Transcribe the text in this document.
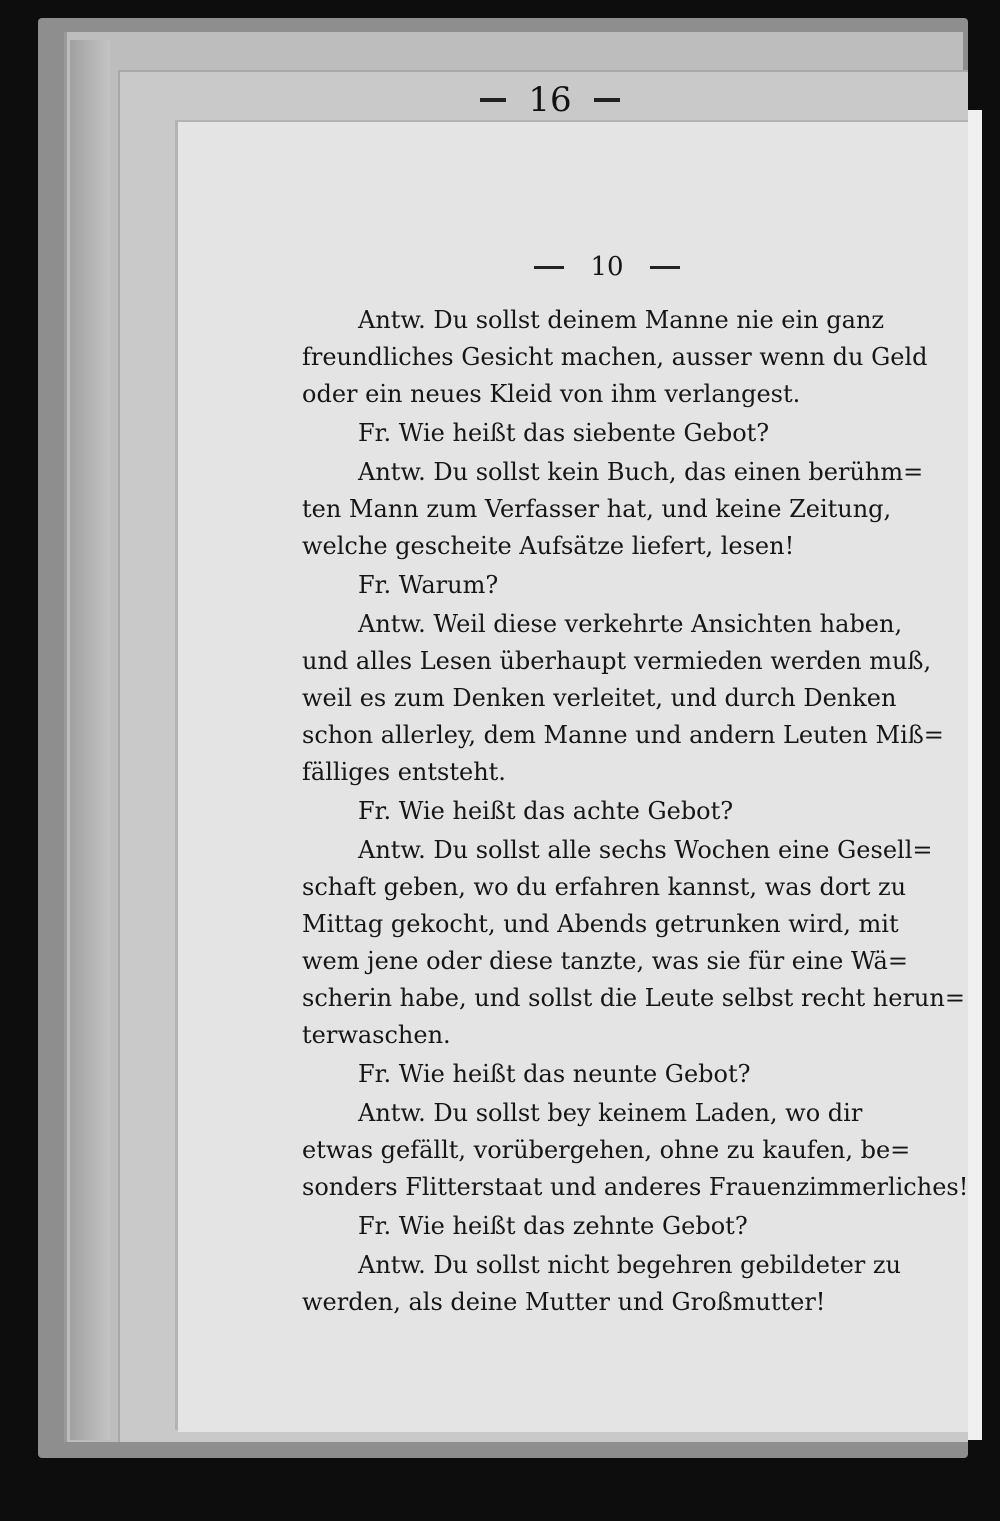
16
10
Antw. Du sollst deinem Manne nie ein ganz
freundliches Gesicht machen, ausser wenn du Geld
oder ein neues Kleid von ihm verlangest.
Fr. Wie heißt das siebente Gebot?
Antw. Du sollst kein Buch, das einen berühm=
ten Mann zum Verfasser hat, und keine Zeitung,
welche gescheite Aufsätze liefert, lesen!
Fr. Warum?
Antw. Weil diese verkehrte Ansichten haben,
und alles Lesen überhaupt vermieden werden muß,
weil es zum Denken verleitet, und durch Denken
schon allerley, dem Manne und andern Leuten Miß=
fälliges entsteht.
Fr. Wie heißt das achte Gebot?
Antw. Du sollst alle sechs Wochen eine Gesell=
schaft geben, wo du erfahren kannst, was dort zu
Mittag gekocht, und Abends getrunken wird, mit
wem jene oder diese tanzte, was sie für eine Wä=
scherin habe, und sollst die Leute selbst recht herun=
terwaschen.
Fr. Wie heißt das neunte Gebot?
Antw. Du sollst bey keinem Laden, wo dir
etwas gefällt, vorübergehen, ohne zu kaufen, be=
sonders Flitterstaat und anderes Frauenzimmerliches!
Fr. Wie heißt das zehnte Gebot?
Antw. Du sollst nicht begehren gebildeter zu
werden, als deine Mutter und Großmutter!
